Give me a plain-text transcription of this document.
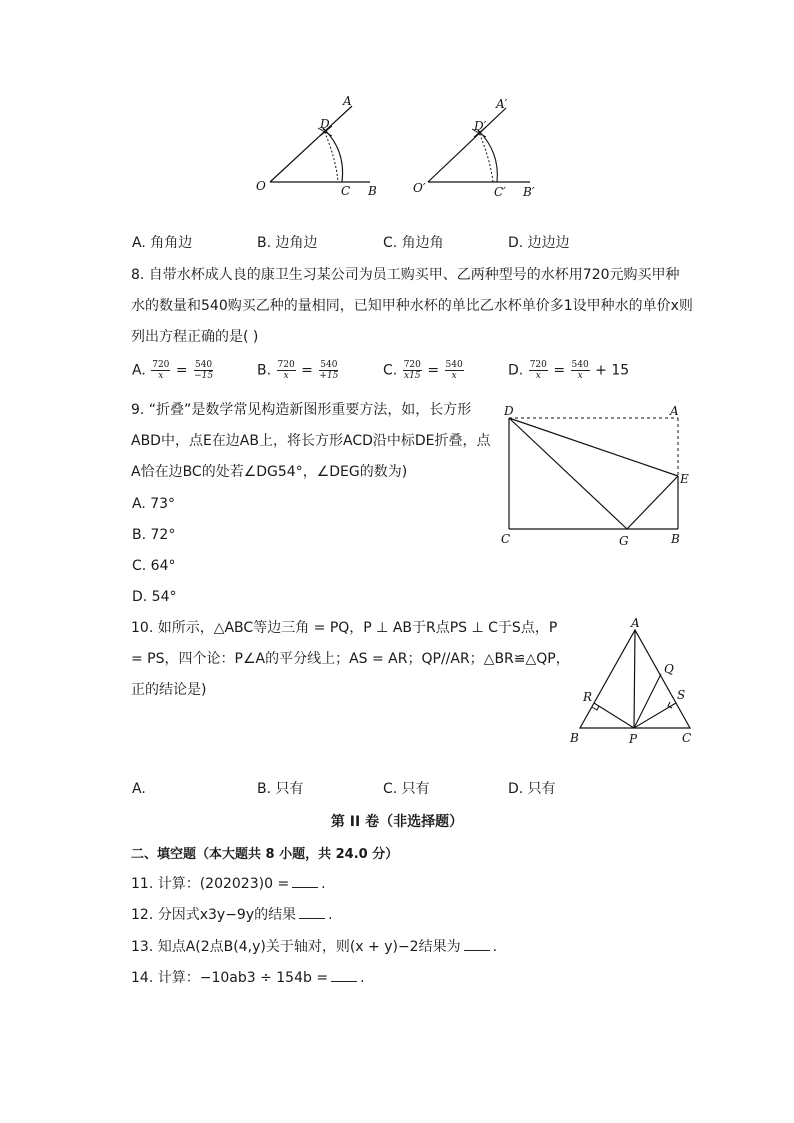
A
D
O	C B
A′
D′
O′	C′ B′
A. 角角边	B. 边角边	C. 角边角	D. 边边边
8. 自带水杯成人良的康卫生习某公司为员工购买甲、乙两种型号的水杯用720元购买甲种
水的数量和540购买乙种的量相同，已知甲种水杯的单比乙水杯单价多1设甲种水的单价x则
列出方程正确的是( )
A. $\frac{720}{x} = \frac{540}{-15}$	B. $\frac{720}{x} = \frac{540}{+15}$	C. $\frac{720}{x15} = \frac{540}{x}$	D. $\frac{720}{x} = \frac{540}{x} + 15$
9. “折叠”是数学常见构造新图形重要方法，如，长方形
ABD中，点E在边AB上，将长方形ACD沿中标DE折叠，点
A恰在边BC的处若∠DG54°，∠DEG的数为)
A. 73°
B. 72°
C. 64°
D. 54°
D	A
E
C	G	B
10. 如所示，△ABC等边三角 = PQ，P ⊥ AB于R点PS ⊥ C于S点，P
= PS，四个论：P∠A的平分线上；AS = AR；QP//AR；△BR≌△QP，
正的结论是)
A
Q
R	S
B	P	C
A.	B. 只有	C. 只有	D. 只有
第 II 卷（非选择题）
二、填空题（本大题共 8 小题，共 24.0 分）
11. 计算：(202023)0 = .
12. 分因式x3y−9y的结果 .
13. 知点A(2点B(4,y)关于轴对，则(x + y)−2结果为 .
14. 计算：−10ab3 ÷ 154b = .
